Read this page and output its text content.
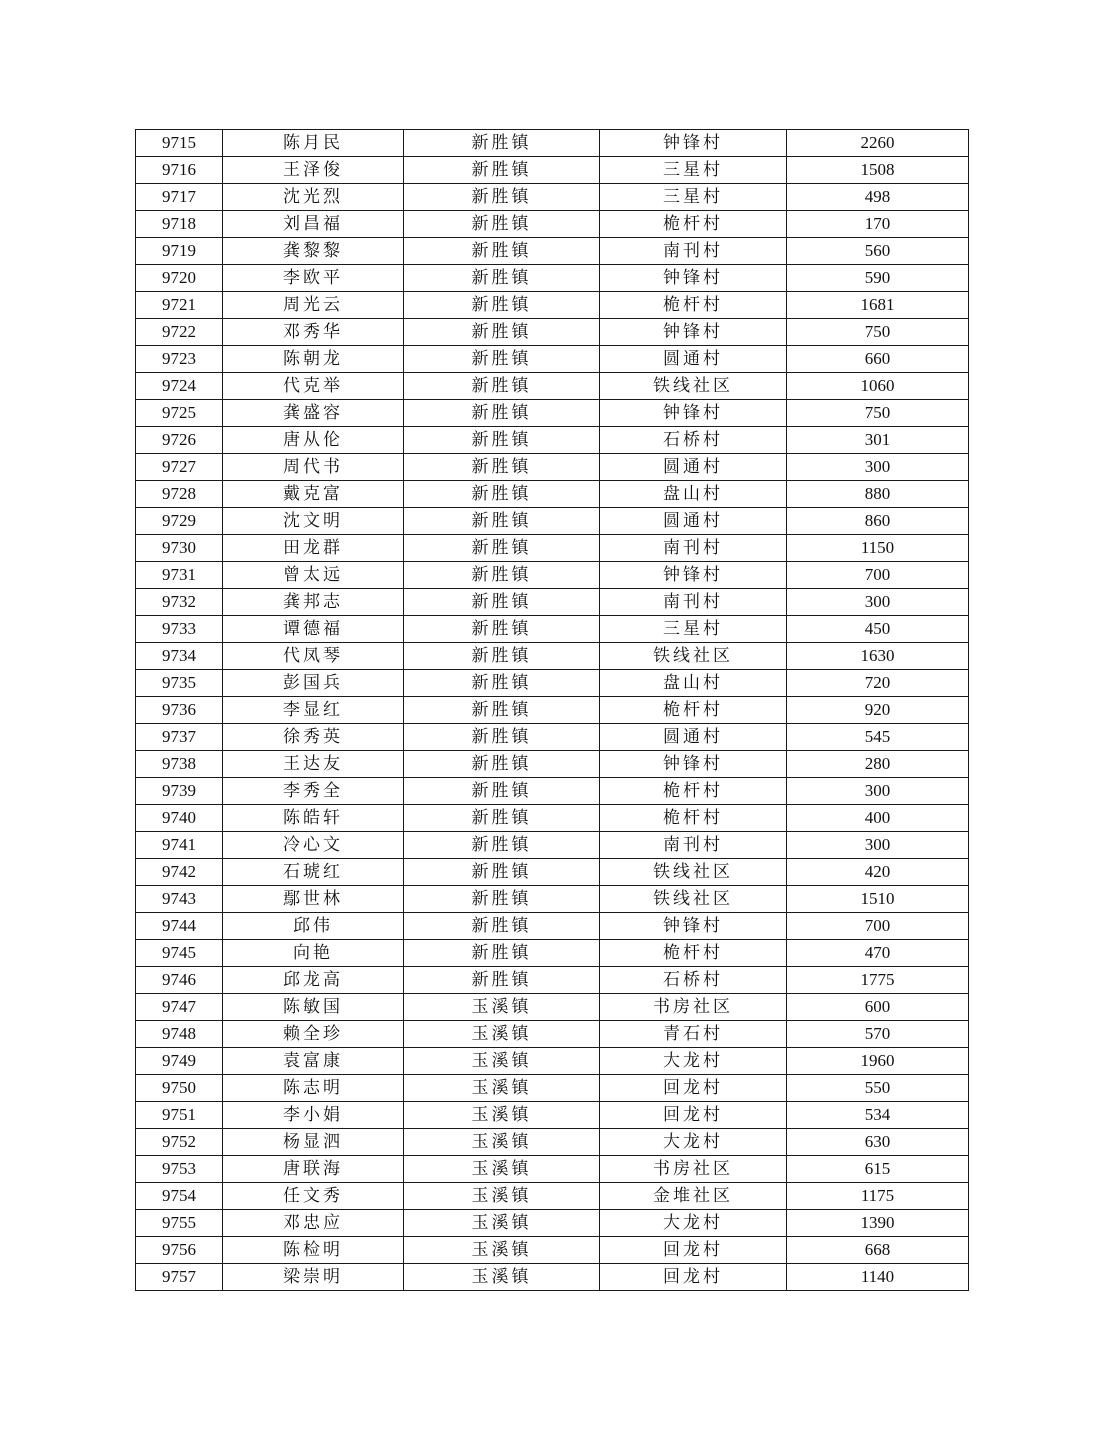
9715	陈月民	新胜镇	钟锋村	2260
9716	王泽俊	新胜镇	三星村	1508
9717	沈光烈	新胜镇	三星村	498
9718	刘昌福	新胜镇	桅杆村	170
9719	龚黎黎	新胜镇	南刊村	560
9720	李欧平	新胜镇	钟锋村	590
9721	周光云	新胜镇	桅杆村	1681
9722	邓秀华	新胜镇	钟锋村	750
9723	陈朝龙	新胜镇	圆通村	660
9724	代克举	新胜镇	铁线社区	1060
9725	龚盛容	新胜镇	钟锋村	750
9726	唐从伦	新胜镇	石桥村	301
9727	周代书	新胜镇	圆通村	300
9728	戴克富	新胜镇	盘山村	880
9729	沈文明	新胜镇	圆通村	860
9730	田龙群	新胜镇	南刊村	1150
9731	曾太远	新胜镇	钟锋村	700
9732	龚邦志	新胜镇	南刊村	300
9733	谭德福	新胜镇	三星村	450
9734	代凤琴	新胜镇	铁线社区	1630
9735	彭国兵	新胜镇	盘山村	720
9736	李显红	新胜镇	桅杆村	920
9737	徐秀英	新胜镇	圆通村	545
9738	王达友	新胜镇	钟锋村	280
9739	李秀全	新胜镇	桅杆村	300
9740	陈皓轩	新胜镇	桅杆村	400
9741	冷心文	新胜镇	南刊村	300
9742	石琥红	新胜镇	铁线社区	420
9743	鄢世林	新胜镇	铁线社区	1510
9744	邱伟	新胜镇	钟锋村	700
9745	向艳	新胜镇	桅杆村	470
9746	邱龙高	新胜镇	石桥村	1775
9747	陈敏国	玉溪镇	书房社区	600
9748	赖全珍	玉溪镇	青石村	570
9749	袁富康	玉溪镇	大龙村	1960
9750	陈志明	玉溪镇	回龙村	550
9751	李小娟	玉溪镇	回龙村	534
9752	杨显泗	玉溪镇	大龙村	630
9753	唐联海	玉溪镇	书房社区	615
9754	任文秀	玉溪镇	金堆社区	1175
9755	邓忠应	玉溪镇	大龙村	1390
9756	陈检明	玉溪镇	回龙村	668
9757	梁崇明	玉溪镇	回龙村	1140
